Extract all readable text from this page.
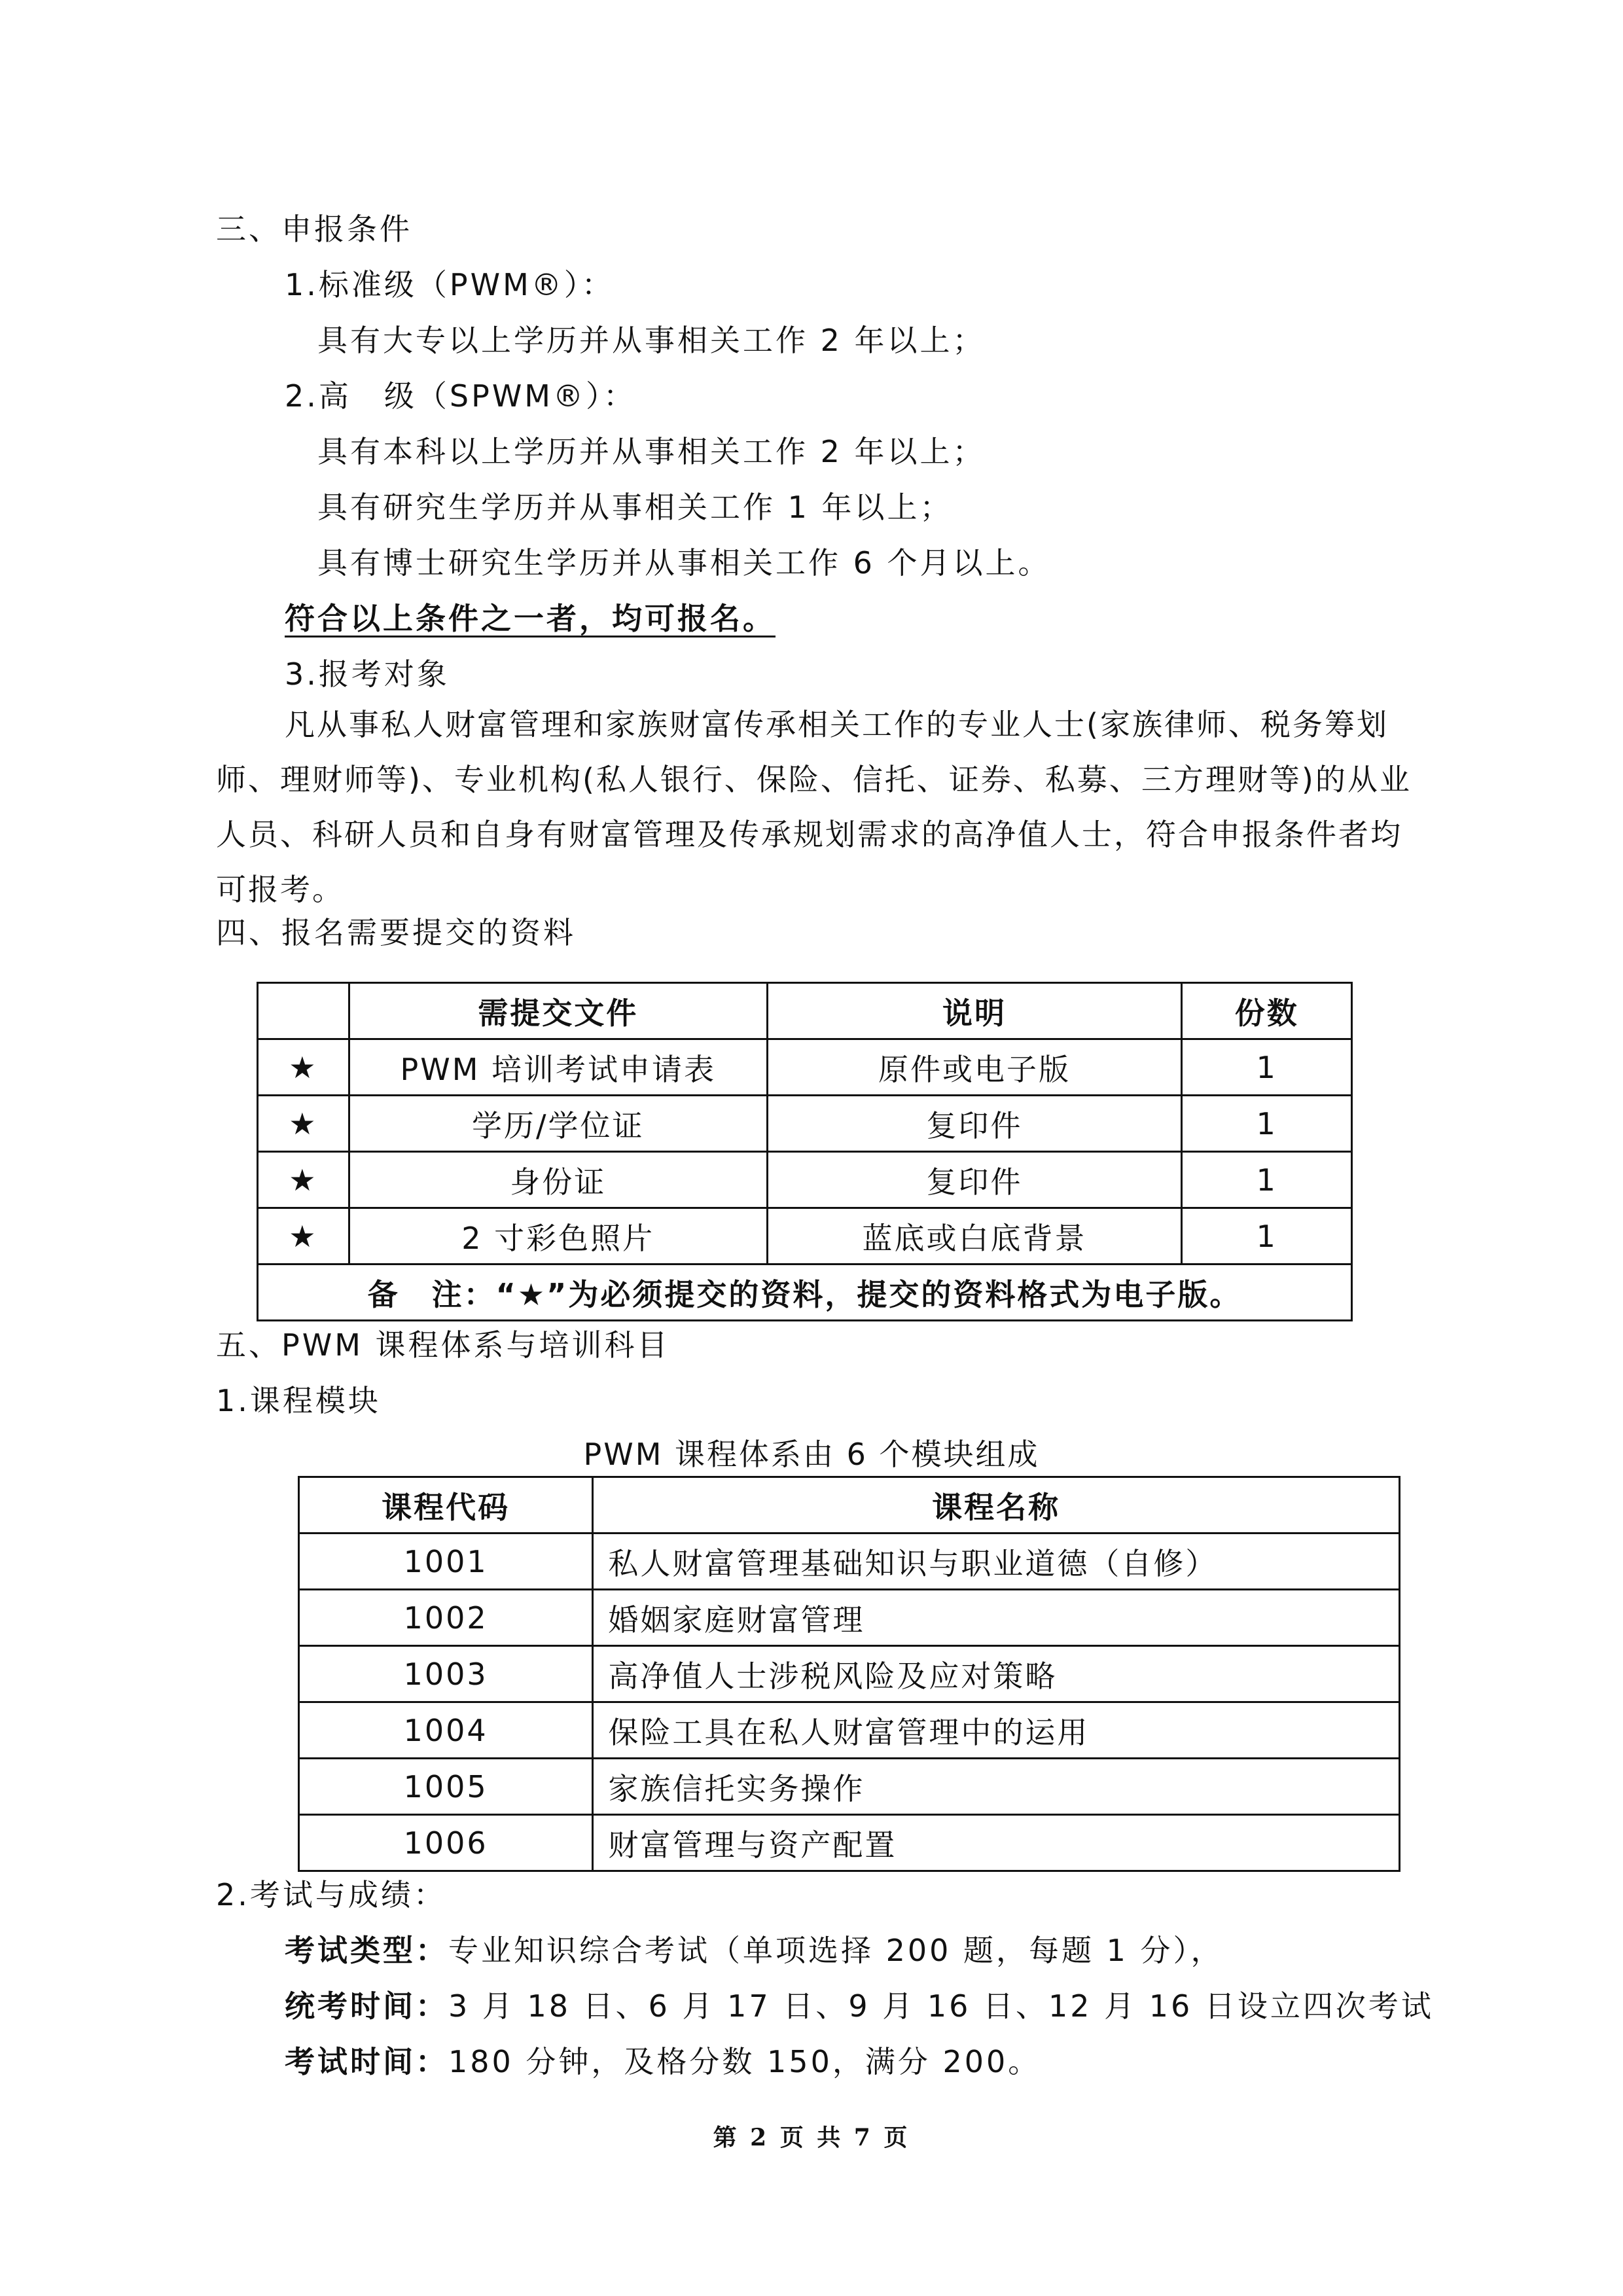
三、申报条件
1.标准级（PWM®）：
具有大专以上学历并从事相关工作 2 年以上；
2.高　级（SPWM®）：
具有本科以上学历并从事相关工作 2 年以上；
具有研究生学历并从事相关工作 1 年以上；
具有博士研究生学历并从事相关工作 6 个月以上。
符合以上条件之一者，均可报名。
3.报考对象
凡从事私人财富管理和家族财富传承相关工作的专业人士(家族律师、税务筹划
师、理财师等)、专业机构(私人银行、保险、信托、证券、私募、三方理财等)的从业
人员、科研人员和自身有财富管理及传承规划需求的高净值人士，符合申报条件者均
可报考。
四、报名需要提交的资料
	需提交文件	说明	份数
★	PWM 培训考试申请表	原件或电子版	1
★	学历/学位证	复印件	1
★	身份证	复印件	1
★	2 寸彩色照片	蓝底或白底背景	1
备　注：“★”为必须提交的资料，提交的资料格式为电子版。			
五、PWM 课程体系与培训科目
1.课程模块
PWM 课程体系由 6 个模块组成
课程代码	课程名称
1001	私人财富管理基础知识与职业道德（自修）
1002	婚姻家庭财富管理
1003	高净值人士涉税风险及应对策略
1004	保险工具在私人财富管理中的运用
1005	家族信托实务操作
1006	财富管理与资产配置
2.考试与成绩：
考试类型：专业知识综合考试（单项选择 200 题，每题 1 分），
统考时间：3 月 18 日、6 月 17 日、9 月 16 日、12 月 16 日设立四次考试
考试时间：180 分钟，及格分数 150，满分 200。
第 2 页 共 7 页
